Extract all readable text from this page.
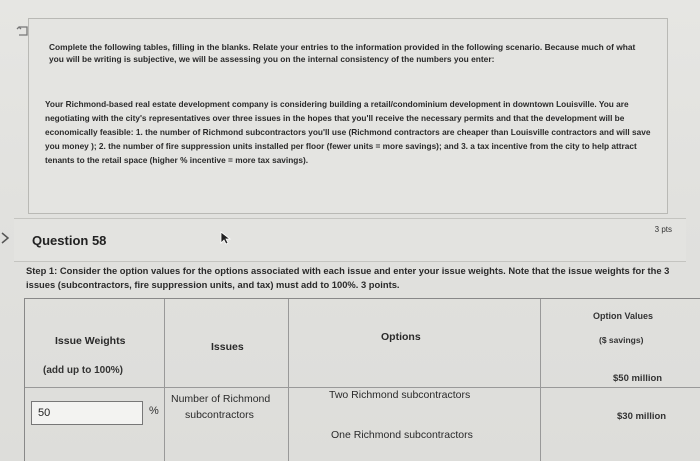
Complete the following tables, filling in the blanks. Relate your entries to the information provided in the following scenario. Because much of what you will be writing is subjective, we will be assessing you on the internal consistency of the numbers you enter:

Your Richmond-based real estate development company is considering building a retail/condominium development in downtown Louisville. You are negotiating with the city's representatives over three issues in the hopes that you'll receive the necessary permits and that the development will be economically feasible: 1. the number of Richmond subcontractors you'll use (Richmond contractors are cheaper than Louisville contractors and will save you money ); 2. the number of fire suppression units installed per floor (fewer units = more savings); and 3. a tax incentive from the city to help attract tenants to the retail space (higher % incentive = more tax savings).

Question 58
3 pts

Step 1: Consider the option values for the options associated with each issue and enter your issue weights. Note that the issue weights for the 3 issues (subcontractors, fire suppression units, and tax) must add to 100%. 3 points.

Issue Weights
(add up to 100%)
50
%
Issues
Number of Richmond
subcontractors
Options
Two Richmond subcontractors
One Richmond subcontractors
Option Values
($ savings)
$50 million
$30 million
